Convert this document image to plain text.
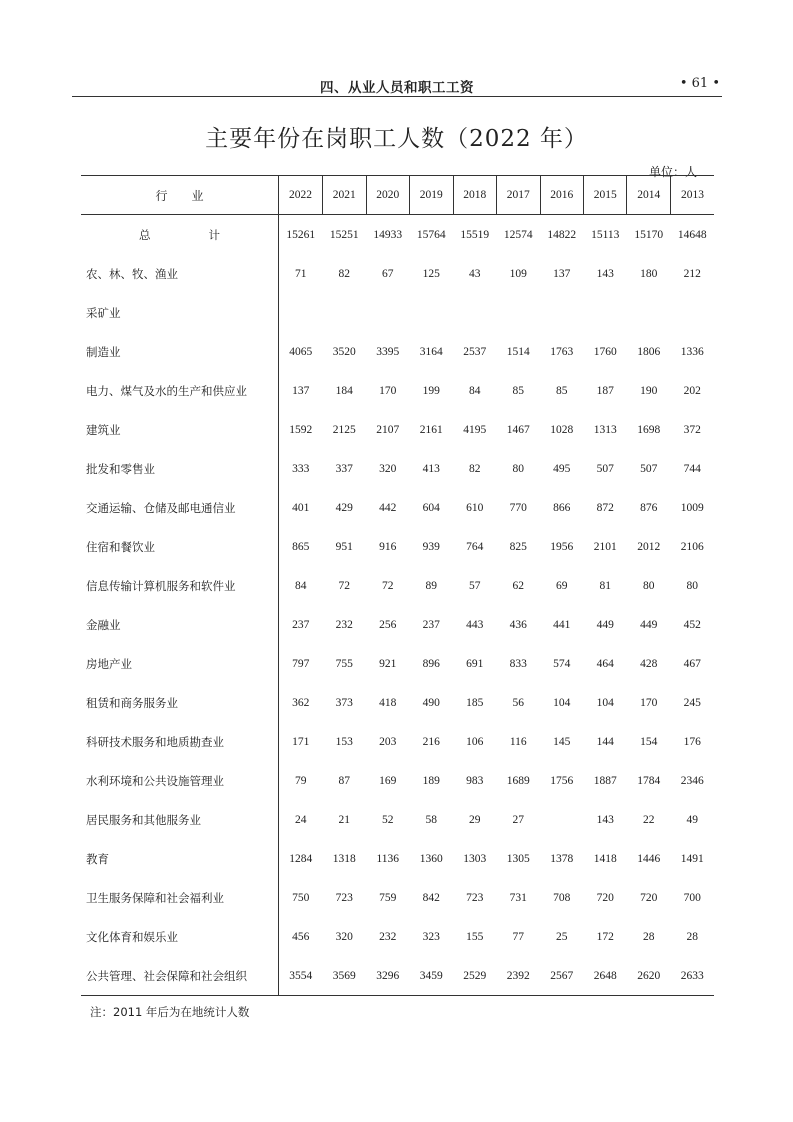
四、从业人员和职工工资	• 61 •
主要年份在岗职工人数（2022 年）
单位：人
行　　业	2022	2021	2020	2019	2018	2017	2016	2015	2014	2013
总计	15261	15251	14933	15764	15519	12574	14822	15113	15170	14648
农、林、牧、渔业	71	82	67	125	43	109	137	143	180	212
采矿业										
制造业	4065	3520	3395	3164	2537	1514	1763	1760	1806	1336
电力、煤气及水的生产和供应业	137	184	170	199	84	85	85	187	190	202
建筑业	1592	2125	2107	2161	4195	1467	1028	1313	1698	372
批发和零售业	333	337	320	413	82	80	495	507	507	744
交通运输、仓储及邮电通信业	401	429	442	604	610	770	866	872	876	1009
住宿和餐饮业	865	951	916	939	764	825	1956	2101	2012	2106
信息传输计算机服务和软件业	84	72	72	89	57	62	69	81	80	80
金融业	237	232	256	237	443	436	441	449	449	452
房地产业	797	755	921	896	691	833	574	464	428	467
租赁和商务服务业	362	373	418	490	185	56	104	104	170	245
科研技术服务和地质勘查业	171	153	203	216	106	116	145	144	154	176
水利环境和公共设施管理业	79	87	169	189	983	1689	1756	1887	1784	2346
居民服务和其他服务业	24	21	52	58	29	27		143	22	49
教育	1284	1318	1136	1360	1303	1305	1378	1418	1446	1491
卫生服务保障和社会福利业	750	723	759	842	723	731	708	720	720	700
文化体育和娱乐业	456	320	232	323	155	77	25	172	28	28
公共管理、社会保障和社会组织	3554	3569	3296	3459	2529	2392	2567	2648	2620	2633
注：2011 年后为在地统计人数
